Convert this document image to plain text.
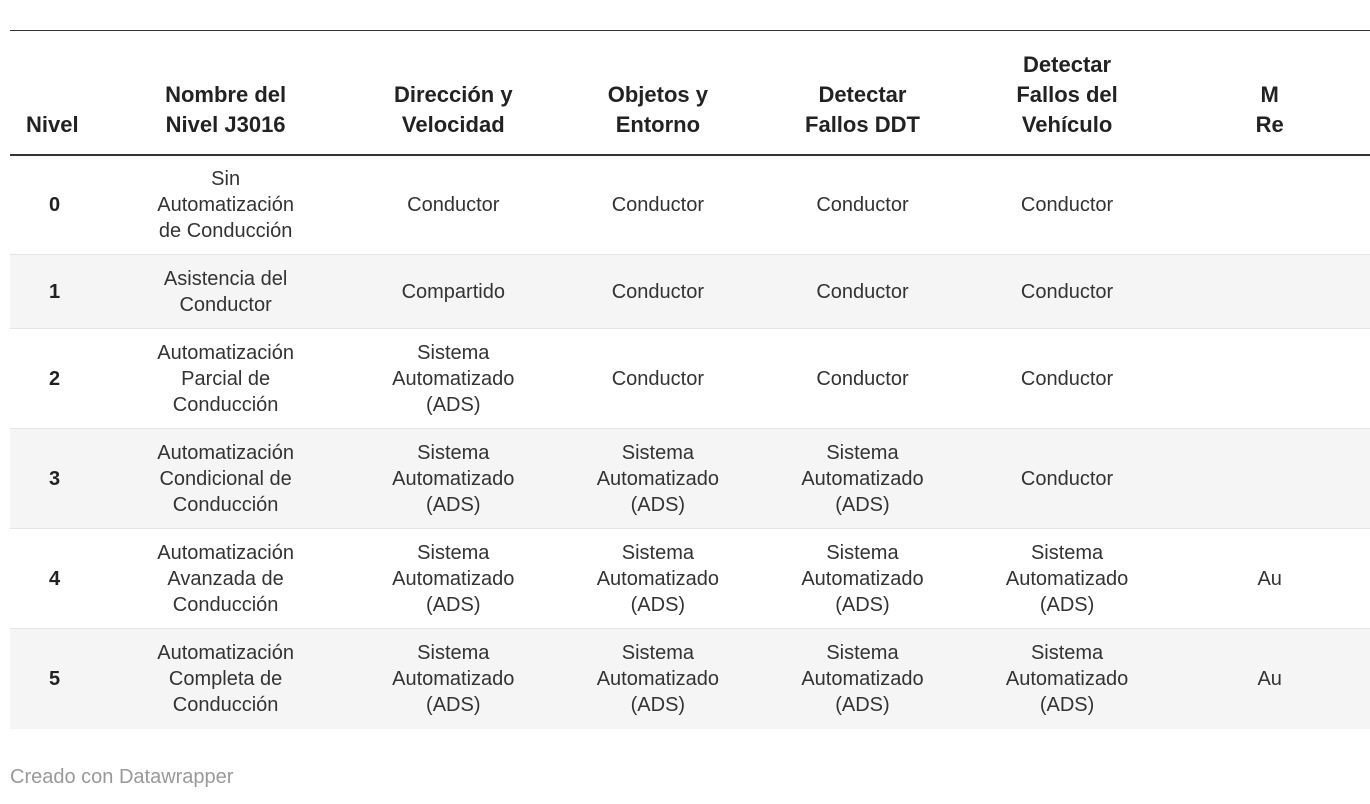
Nivel	Nombre del
Nivel J3016	Dirección y
Velocidad	Objetos y
Entorno	Detectar
Fallos DDT	Detectar
Fallos del
Vehículo	M
Re

0	Sin
Automatización
de Conducción	Conductor	Conductor	Conductor	Conductor	

1	Asistencia del
Conductor	Compartido	Conductor	Conductor	Conductor	

2	Automatización
Parcial de
Conducción	Sistema
Automatizado
(ADS)	Conductor	Conductor	Conductor	

3	Automatización
Condicional de
Conducción	Sistema
Automatizado
(ADS)	Sistema
Automatizado
(ADS)	Sistema
Automatizado
(ADS)	Conductor	

4	Automatización
Avanzada de
Conducción	Sistema
Automatizado
(ADS)	Sistema
Automatizado
(ADS)	Sistema
Automatizado
(ADS)	Sistema
Automatizado
(ADS)	Au

5	Automatización
Completa de
Conducción	Sistema
Automatizado
(ADS)	Sistema
Automatizado
(ADS)	Sistema
Automatizado
(ADS)	Sistema
Automatizado
(ADS)	Au
Creado con Datawrapper
